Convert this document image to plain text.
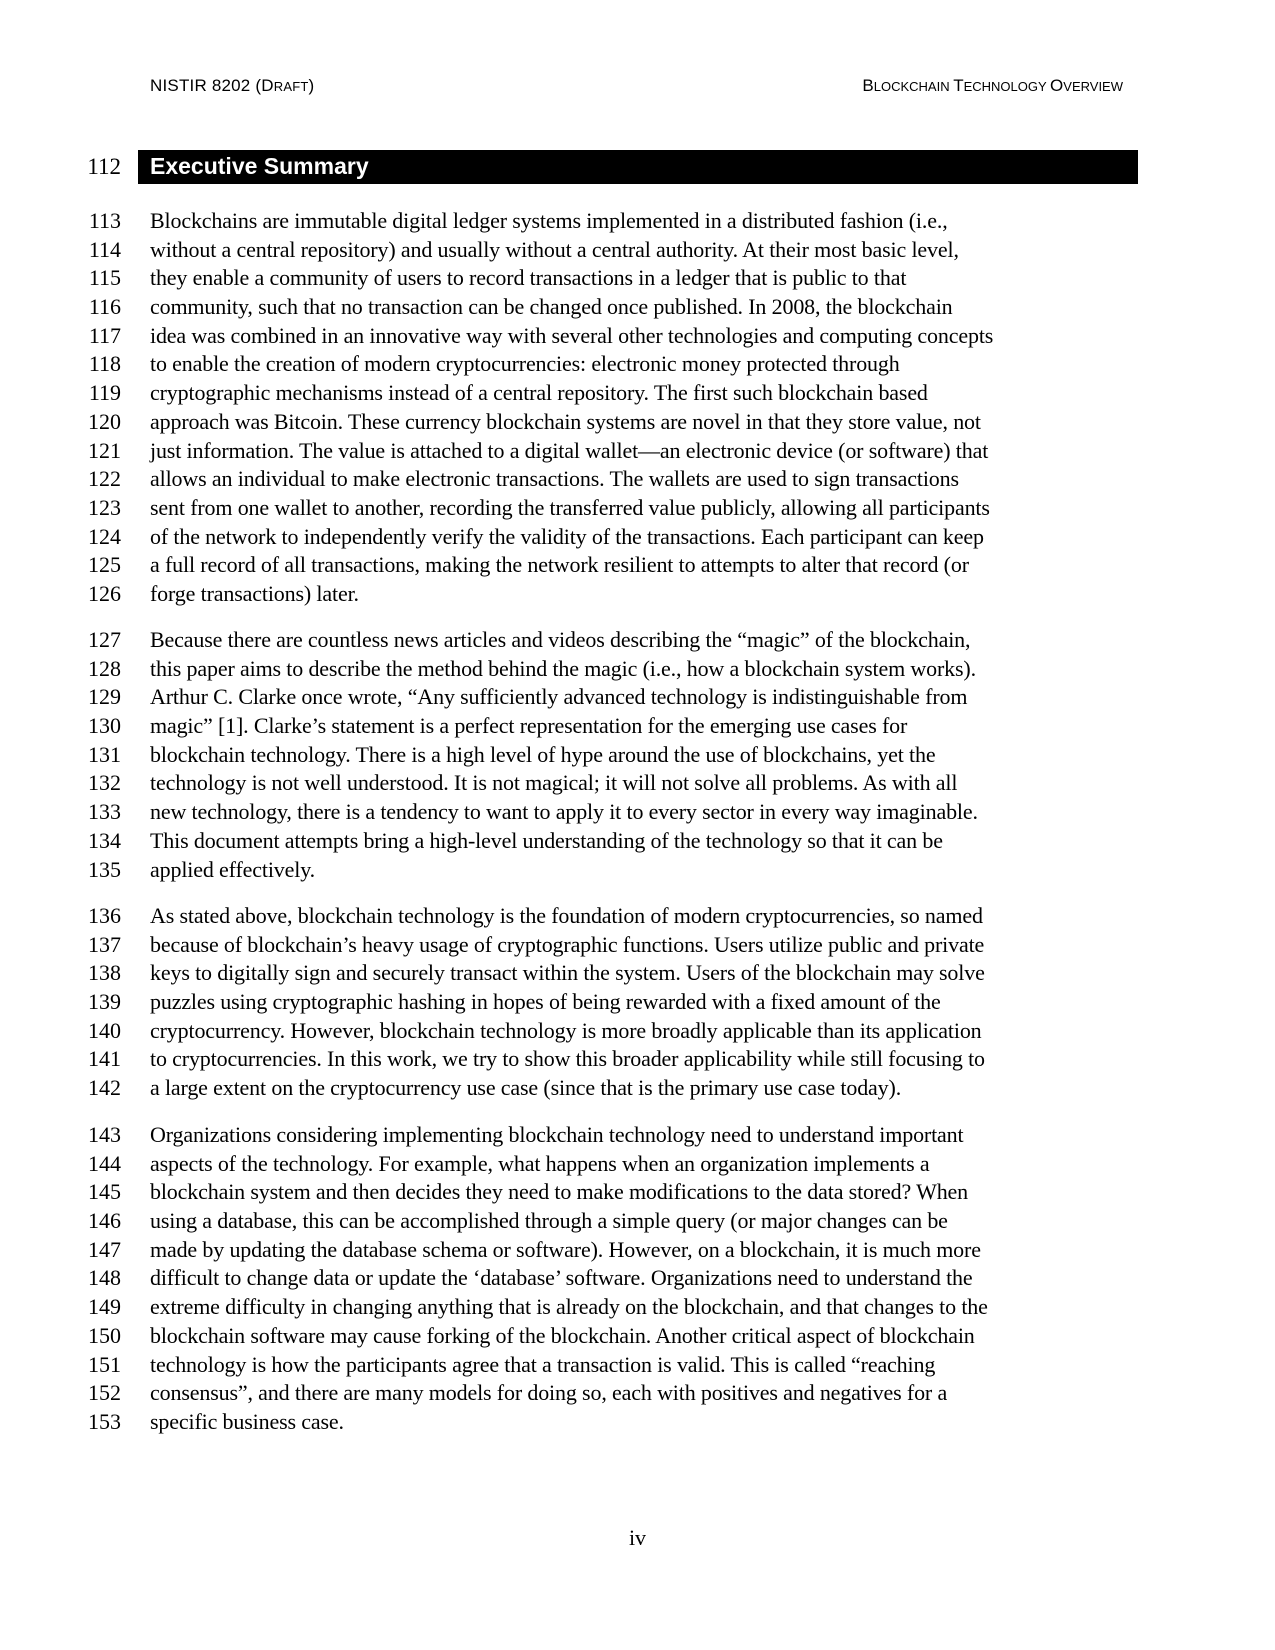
NISTIR 8202 (DRAFT)	BLOCKCHAIN TECHNOLOGY OVERVIEW
112 Executive Summary
113 Blockchains are immutable digital ledger systems implemented in a distributed fashion (i.e.,
114 without a central repository) and usually without a central authority. At their most basic level,
115 they enable a community of users to record transactions in a ledger that is public to that
116 community, such that no transaction can be changed once published. In 2008, the blockchain
117 idea was combined in an innovative way with several other technologies and computing concepts
118 to enable the creation of modern cryptocurrencies: electronic money protected through
119 cryptographic mechanisms instead of a central repository. The first such blockchain based
120 approach was Bitcoin. These currency blockchain systems are novel in that they store value, not
121 just information. The value is attached to a digital wallet—an electronic device (or software) that
122 allows an individual to make electronic transactions. The wallets are used to sign transactions
123 sent from one wallet to another, recording the transferred value publicly, allowing all participants
124 of the network to independently verify the validity of the transactions. Each participant can keep
125 a full record of all transactions, making the network resilient to attempts to alter that record (or
126 forge transactions) later.
127 Because there are countless news articles and videos describing the “magic” of the blockchain,
128 this paper aims to describe the method behind the magic (i.e., how a blockchain system works).
129 Arthur C. Clarke once wrote, “Any sufficiently advanced technology is indistinguishable from
130 magic” [1]. Clarke’s statement is a perfect representation for the emerging use cases for
131 blockchain technology. There is a high level of hype around the use of blockchains, yet the
132 technology is not well understood. It is not magical; it will not solve all problems. As with all
133 new technology, there is a tendency to want to apply it to every sector in every way imaginable.
134 This document attempts bring a high-level understanding of the technology so that it can be
135 applied effectively.
136 As stated above, blockchain technology is the foundation of modern cryptocurrencies, so named
137 because of blockchain’s heavy usage of cryptographic functions. Users utilize public and private
138 keys to digitally sign and securely transact within the system. Users of the blockchain may solve
139 puzzles using cryptographic hashing in hopes of being rewarded with a fixed amount of the
140 cryptocurrency. However, blockchain technology is more broadly applicable than its application
141 to cryptocurrencies. In this work, we try to show this broader applicability while still focusing to
142 a large extent on the cryptocurrency use case (since that is the primary use case today).
143 Organizations considering implementing blockchain technology need to understand important
144 aspects of the technology. For example, what happens when an organization implements a
145 blockchain system and then decides they need to make modifications to the data stored? When
146 using a database, this can be accomplished through a simple query (or major changes can be
147 made by updating the database schema or software). However, on a blockchain, it is much more
148 difficult to change data or update the ‘database’ software. Organizations need to understand the
149 extreme difficulty in changing anything that is already on the blockchain, and that changes to the
150 blockchain software may cause forking of the blockchain. Another critical aspect of blockchain
151 technology is how the participants agree that a transaction is valid. This is called “reaching
152 consensus”, and there are many models for doing so, each with positives and negatives for a
153 specific business case.
iv
